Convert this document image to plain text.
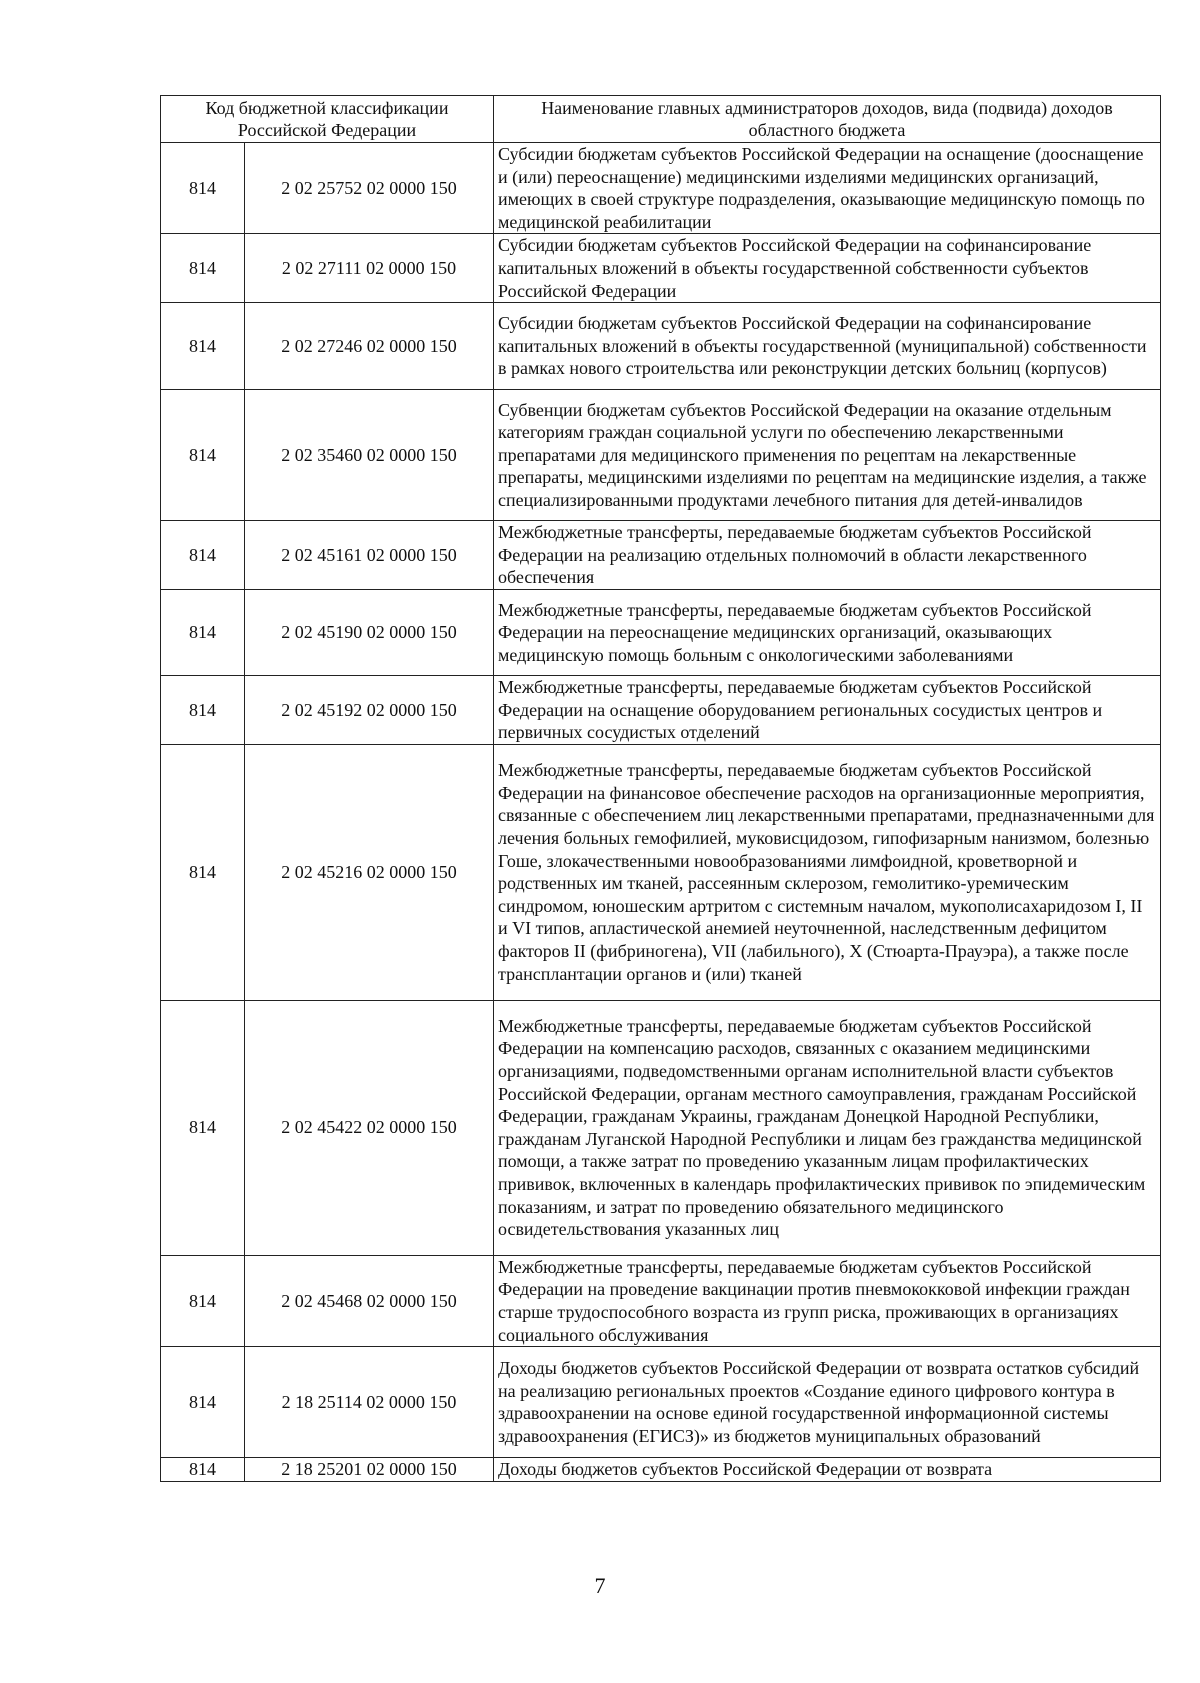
Код бюджетной классификации Российской Федерации		Наименование главных администраторов доходов, вида (подвида) доходов областного бюджета
814	2 02 25752 02 0000 150	Субсидии бюджетам субъектов Российской Федерации на оснащение (дооснащение и (или) переоснащение) медицинскими изделиями медицинских организаций, имеющих в своей структуре подразделения, оказывающие медицинскую помощь по медицинской реабилитации
814	2 02 27111 02 0000 150	Субсидии бюджетам субъектов Российской Федерации на софинансирование капитальных вложений в объекты государственной собственности субъектов Российской Федерации
814	2 02 27246 02 0000 150	Субсидии бюджетам субъектов Российской Федерации на софинансирование капитальных вложений в объекты государственной (муниципальной) собственности в рамках нового строительства или реконструкции детских больниц (корпусов)
814	2 02 35460 02 0000 150	Субвенции бюджетам субъектов Российской Федерации на оказание отдельным категориям граждан социальной услуги по обеспечению лекарственными препаратами для медицинского применения по рецептам на лекарственные препараты, медицинскими изделиями по рецептам на медицинские изделия, а также специализированными продуктами лечебного питания для детей-инвалидов
814	2 02 45161 02 0000 150	Межбюджетные трансферты, передаваемые бюджетам субъектов Российской Федерации на реализацию отдельных полномочий в области лекарственного обеспечения
814	2 02 45190 02 0000 150	Межбюджетные трансферты, передаваемые бюджетам субъектов Российской Федерации на переоснащение медицинских организаций, оказывающих медицинскую помощь больным с онкологическими заболеваниями
814	2 02 45192 02 0000 150	Межбюджетные трансферты, передаваемые бюджетам субъектов Российской Федерации на оснащение оборудованием региональных сосудистых центров и первичных сосудистых отделений
814	2 02 45216 02 0000 150	Межбюджетные трансферты, передаваемые бюджетам субъектов Российской Федерации на финансовое обеспечение расходов на организационные мероприятия, связанные с обеспечением лиц лекарственными препаратами, предназначенными для лечения больных гемофилией, муковисцидозом, гипофизарным нанизмом, болезнью Гоше, злокачественными новообразованиями лимфоидной, кроветворной и родственных им тканей, рассеянным склерозом, гемолитико-уремическим синдромом, юношеским артритом с системным началом, мукополисахаридозом I, II и VI типов, апластической анемией неуточненной, наследственным дефицитом факторов II (фибриногена), VII (лабильного), X (Стюарта-Прауэра), а также после трансплантации органов и (или) тканей
814	2 02 45422 02 0000 150	Межбюджетные трансферты, передаваемые бюджетам субъектов Российской Федерации на компенсацию расходов, связанных с оказанием медицинскими организациями, подведомственными органам исполнительной власти субъектов Российской Федерации, органам местного самоуправления, гражданам Российской Федерации, гражданам Украины, гражданам Донецкой Народной Республики, гражданам Луганской Народной Республики и лицам без гражданства медицинской помощи, а также затрат по проведению указанным лицам профилактических прививок, включенных в календарь профилактических прививок по эпидемическим показаниям, и затрат по проведению обязательного медицинского освидетельствования указанных лиц
814	2 02 45468 02 0000 150	Межбюджетные трансферты, передаваемые бюджетам субъектов Российской Федерации на проведение вакцинации против пневмококковой инфекции граждан старше трудоспособного возраста из групп риска, проживающих в организациях социального обслуживания
814	2 18 25114 02 0000 150	Доходы бюджетов субъектов Российской Федерации от возврата остатков субсидий на реализацию региональных проектов «Создание единого цифрового контура в здравоохранении на основе единой государственной информационной системы здравоохранения (ЕГИСЗ)» из бюджетов муниципальных образований
814	2 18 25201 02 0000 150	Доходы бюджетов субъектов Российской Федерации от возврата
7
